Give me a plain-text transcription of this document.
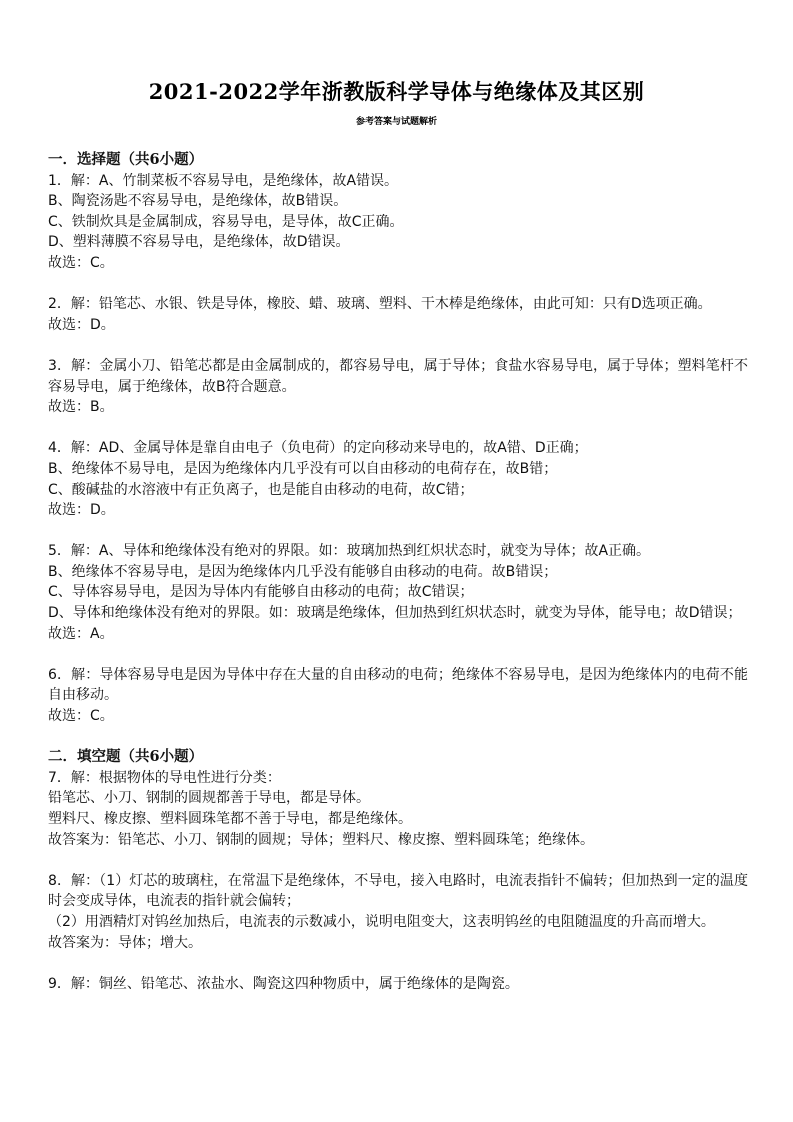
2021-2022学年浙教版科学导体与绝缘体及其区别
参考答案与试题解析
一．选择题（共6小题）
1．解：A、竹制菜板不容易导电，是绝缘体，故A错误。
B、陶瓷汤匙不容易导电，是绝缘体，故B错误。
C、铁制炊具是金属制成，容易导电，是导体，故C正确。
D、塑料薄膜不容易导电，是绝缘体，故D错误。
故选：C。
2．解：铅笔芯、水银、铁是导体，橡胶、蜡、玻璃、塑料、干木棒是绝缘体，由此可知：只有D选项正确。
故选：D。
3．解：金属小刀、铅笔芯都是由金属制成的，都容易导电，属于导体；食盐水容易导电，属于导体；塑料笔杆不容易导电，属于绝缘体，故B符合题意。
故选：B。
4．解：AD、金属导体是靠自由电子（负电荷）的定向移动来导电的，故A错、D正确；
B、绝缘体不易导电，是因为绝缘体内几乎没有可以自由移动的电荷存在，故B错；
C、酸碱盐的水溶液中有正负离子，也是能自由移动的电荷，故C错；
故选：D。
5．解：A、导体和绝缘体没有绝对的界限。如：玻璃加热到红炽状态时，就变为导体；故A正确。
B、绝缘体不容易导电，是因为绝缘体内几乎没有能够自由移动的电荷。故B错误；
C、导体容易导电，是因为导体内有能够自由移动的电荷；故C错误；
D、导体和绝缘体没有绝对的界限。如：玻璃是绝缘体，但加热到红炽状态时，就变为导体，能导电；故D错误；
故选：A。
6．解：导体容易导电是因为导体中存在大量的自由移动的电荷；绝缘体不容易导电，是因为绝缘体内的电荷不能自由移动。
故选：C。
二．填空题（共6小题）
7．解：根据物体的导电性进行分类：
铅笔芯、小刀、钢制的圆规都善于导电，都是导体。
塑料尺、橡皮擦、塑料圆珠笔都不善于导电，都是绝缘体。
故答案为：铅笔芯、小刀、钢制的圆规；导体；塑料尺、橡皮擦、塑料圆珠笔；绝缘体。
8．解：（1）灯芯的玻璃柱，在常温下是绝缘体，不导电，接入电路时，电流表指针不偏转；但加热到一定的温度时会变成导体，电流表的指针就会偏转；
（2）用酒精灯对钨丝加热后，电流表的示数减小，说明电阻变大，这表明钨丝的电阻随温度的升高而增大。
故答案为：导体；增大。
9．解：铜丝、铅笔芯、浓盐水、陶瓷这四种物质中，属于绝缘体的是陶瓷。
